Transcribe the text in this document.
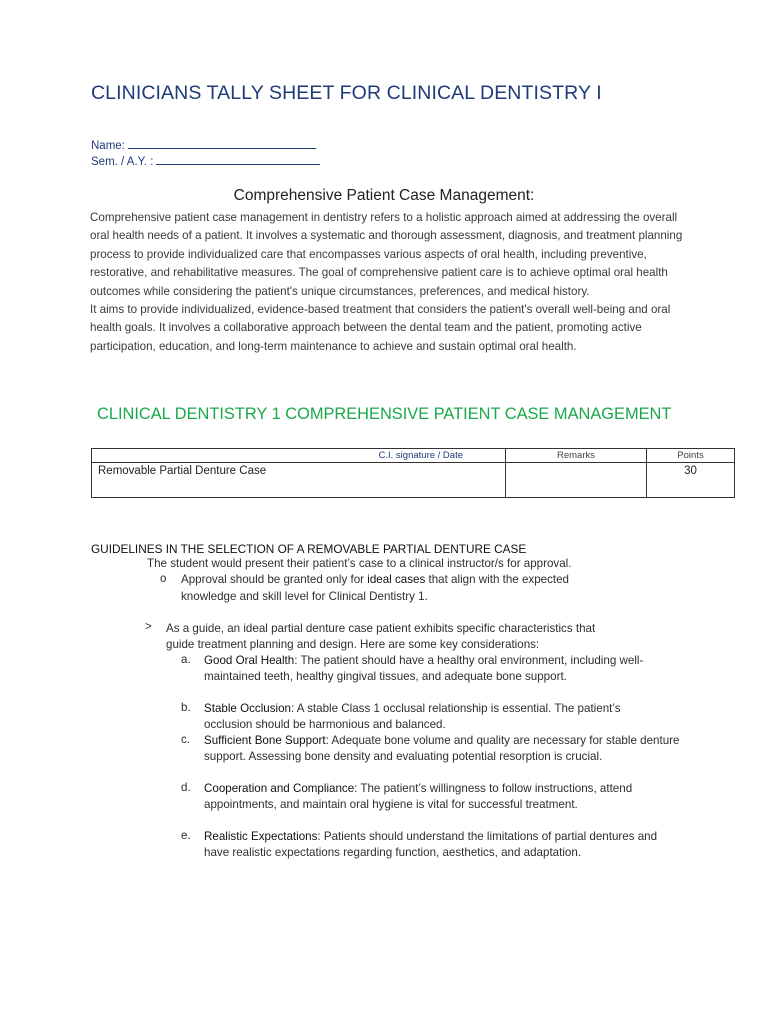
CLINICIANS TALLY SHEET FOR CLINICAL DENTISTRY I
Name:
Sem. / A.Y. :
Comprehensive Patient Case Management:

Comprehensive patient case management in dentistry refers to a holistic approach aimed at addressing the overall oral health needs of a patient. It involves a systematic and thorough assessment, diagnosis, and treatment planning process to provide individualized care that encompasses various aspects of oral health, including preventive, restorative, and rehabilitative measures. The goal of comprehensive patient care is to achieve optimal oral health outcomes while considering the patient's unique circumstances, preferences, and medical history.

It aims to provide individualized, evidence-based treatment that considers the patient's overall well-being and oral health goals. It involves a collaborative approach between the dental team and the patient, promoting active participation, education, and long-term maintenance to achieve and sustain optimal oral health.

CLINICAL DENTISTRY 1 COMPREHENSIVE PATIENT CASE MANAGEMENT
C.I. signature / Date	Remarks	Points
Removable Partial Denture Case		30
GUIDELINES IN THE SELECTION OF A REMOVABLE PARTIAL DENTURE CASE
The student would present their patient’s case to a clinical instructor/s for approval.
o Approval should be granted only for ideal cases that align with the expected
knowledge and skill level for Clinical Dentistry 1.
> As a guide, an ideal partial denture case patient exhibits specific characteristics that
guide treatment planning and design. Here are some key considerations:
a. Good Oral Health: The patient should have a healthy oral environment, including well-maintained teeth, healthy gingival tissues, and adequate bone support.
b. Stable Occlusion: A stable Class 1 occlusal relationship is essential. The patient’s occlusion should be harmonious and balanced.
c. Sufficient Bone Support: Adequate bone volume and quality are necessary for stable denture support. Assessing bone density and evaluating potential resorption is crucial.
d. Cooperation and Compliance: The patient’s willingness to follow instructions, attend appointments, and maintain oral hygiene is vital for successful treatment.
e. Realistic Expectations: Patients should understand the limitations of partial dentures and have realistic expectations regarding function, aesthetics, and adaptation.
